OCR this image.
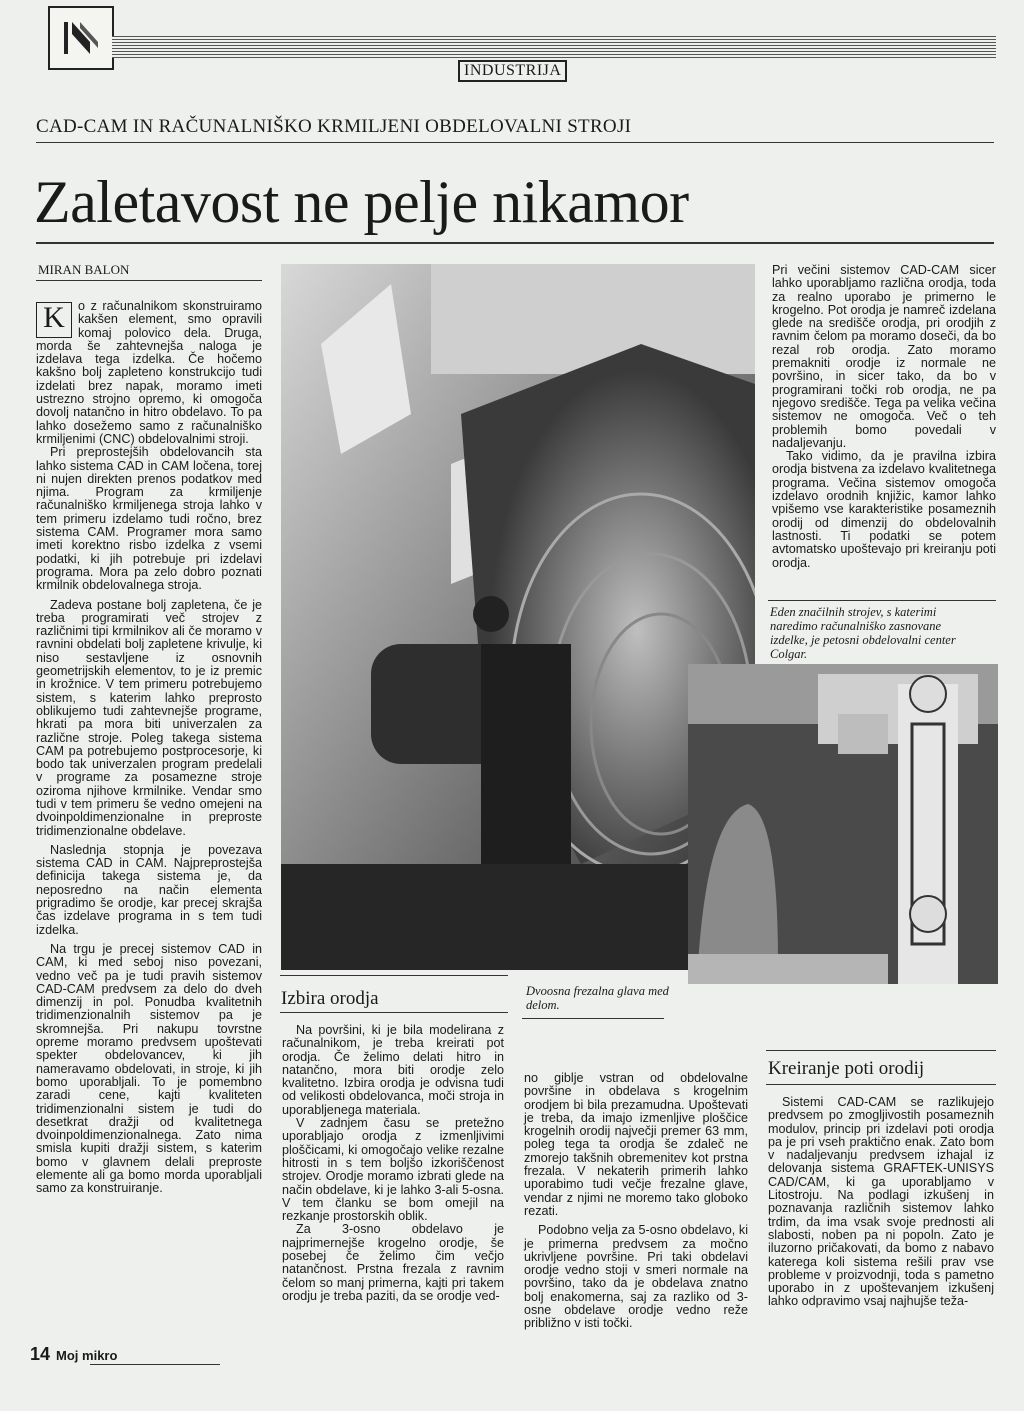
INDUSTRIJA
CAD-CAM IN RAČUNALNIŠKO KRMILJENI OBDELOVALNI STROJI
Zaletavost ne pelje nikamor
MIRAN BALON
K	o z računalnikom skonstruiramo kakšen element, smo opravili komaj polovico dela. Druga, morda še zahtevnejša naloga je izdelava tega izdelka. Če hočemo kakšno bolj zapleteno konstrukcijo tudi izdelati brez napak, moramo imeti ustrezno strojno opremo, ki omogoča dovolj natančno in hitro obdelavo. To pa lahko dosežemo samo z računalniško krmiljenimi (CNC) obdelovalnimi stroji.

Pri preprostejših obdelovancih sta lahko sistema CAD in CAM ločena, torej ni nujen direkten prenos podatkov med njima. Program za krmiljenje računalniško krmiljenega stroja lahko v tem primeru izdelamo tudi ročno, brez sistema CAM. Programer mora samo imeti korektno risbo izdelka z vsemi podatki, ki jih potrebuje pri izdelavi programa. Mora pa zelo dobro poznati krmilnik obdelovalnega stroja.

Zadeva postane bolj zapletena, če je treba programirati več strojev z različnimi tipi krmilnikov ali če moramo v ravnini obdelati bolj zapletene krivulje, ki niso sestavljene iz osnovnih geometrijskih elementov, to je iz premic in krožnice. V tem primeru potrebujemo sistem, s katerim lahko preprosto oblikujemo tudi zahtevnejše programe, hkrati pa mora biti univerzalen za različne stroje. Poleg takega sistema CAM pa potrebujemo postprocesorje, ki bodo tak univerzalen program predelali v programe za posamezne stroje oziroma njihove krmilnike. Vendar smo tudi v tem primeru še vedno omejeni na dvoinpoldimenzionalne in preproste tridimenzionalne obdelave.

Naslednja stopnja je povezava sistema CAD in CAM. Najpreprostejša definicija takega sistema je, da neposredno na način elementa prigradimo še orodje, kar precej skrajša čas izdelave programa in s tem tudi izdelka.

Na trgu je precej sistemov CAD in CAM, ki med seboj niso povezani, vedno več pa je tudi pravih sistemov CAD-CAM predvsem za delo do dveh dimenzij in pol. Ponudba kvalitetnih tridimenzionalnih sistemov pa je skromnejša. Pri nakupu tovrstne opreme moramo predvsem upoštevati spekter obdelovancev, ki jih nameravamo obdelovati, in stroje, ki jih bomo uporabljali. To je pomembno zaradi cene, kajti kvaliteten tridimenzionalni sistem je tudi do desetkrat dražji od kvalitetnega dvoinpoldimenzionalnega. Zato nima smisla kupiti dražji sistem, s katerim bomo v glavnem delali preproste elemente ali ga bomo morda uporabljali samo za konstruiranje.

Pri večini sistemov CAD-CAM sicer lahko uporabljamo različna orodja, toda za realno uporabo je primerno le krogelno. Pot orodja je namreč izdelana glede na središče orodja, pri orodjih z ravnim čelom pa moramo doseči, da bo rezal rob orodja. Zato moramo premakniti orodje iz normale ne površino, in sicer tako, da bo v programirani točki rob orodja, ne pa njegovo središče. Tega pa velika večina sistemov ne omogoča. Več o teh problemih bomo povedali v nadaljevanju.

Tako vidimo, da je pravilna izbira orodja bistvena za izdelavo kvalitetnega programa. Večina sistemov omogoča izdelavo orodnih knjižic, kamor lahko vpišemo vse karakteristike posameznih orodij od dimenzij do obdelovalnih lastnosti. Ti podatki se potem avtomatsko upoštevajo pri kreiranju poti orodja.

Eden značilnih strojev, s katerimi naredimo računalniško zasnovane izdelke, je petosni obdelovalni center Colgar.
Izbira orodja	Dvoosna frezalna glava med delom.

Na površini, ki je bila modelirana z računalnikom, je treba kreirati pot orodja. Če želimo delati hitro in natančno, mora biti orodje zelo kvalitetno. Izbira orodja je odvisna tudi od velikosti obdelovanca, moči stroja in uporabljenega materiala.

V zadnjem času se pretežno uporabljajo orodja z izmenljivimi ploščicami, ki omogočajo velike rezalne hitrosti in s tem boljšo izkoriščenost strojev. Orodje moramo izbrati glede na način obdelave, ki je lahko 3-ali 5-osna. V tem članku se bom omejil na rezkanje prostorskih oblik.

Za 3-osno obdelavo je najprimernejše krogelno orodje, še posebej če želimo čim večjo natančnost. Prstna frezala z ravnim čelom so manj primerna, kajti pri takem orodju je treba paziti, da se orodje ved-

no giblje vstran od obdelovalne površine in obdelava s krogelnim orodjem bi bila prezamudna. Upoštevati je treba, da imajo izmenljive ploščice krogelnih orodij največji premer 63 mm, poleg tega ta orodja še zdaleč ne zmorejo takšnih obremenitev kot prstna frezala. V nekaterih primerih lahko uporabimo tudi večje frezalne glave, vendar z njimi ne moremo tako globoko rezati.

Podobno velja za 5-osno obdelavo, ki je primerna predvsem za močno ukrivljene površine. Pri taki obdelavi orodje vedno stoji v smeri normale na površino, tako da je obdelava znatno bolj enakomerna, saj za razliko od 3-osne obdelave orodje vedno reže približno v isti točki.

Kreiranje poti orodij

Sistemi CAD-CAM se razlikujejo predvsem po zmogljivostih posameznih modulov, princip pri izdelavi poti orodja pa je pri vseh praktično enak. Zato bom v nadaljevanju predvsem izhajal iz delovanja sistema GRAFTEK-UNISYS CAD/CAM, ki ga uporabljamo v Litostroju. Na podlagi izkušenj in poznavanja različnih sistemov lahko trdim, da ima vsak svoje prednosti ali slabosti, noben pa ni popoln. Zato je iluzorno pričakovati, da bomo z nabavo katerega koli sistema rešili prav vse probleme v proizvodnji, toda s pametno uporabo in z upoštevanjem izkušenj lahko odpravimo vsaj najhujše teža-

14 Moj mikro
